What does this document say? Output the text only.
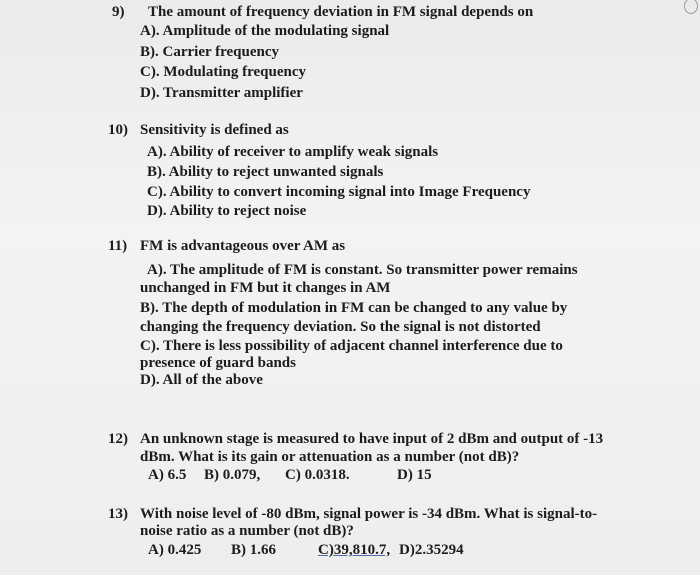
9) The amount of frequency deviation in FM signal depends on
A). Amplitude of the modulating signal
B). Carrier frequency
C). Modulating frequency
D). Transmitter amplifier
10) Sensitivity is defined as
A). Ability of receiver to amplify weak signals
B). Ability to reject unwanted signals
C). Ability to convert incoming signal into Image Frequency
D). Ability to reject noise
11) FM is advantageous over AM as
A). The amplitude of FM is constant. So transmitter power remains
unchanged in FM but it changes in AM
B). The depth of modulation in FM can be changed to any value by
changing the frequency deviation. So the signal is not distorted
C). There is less possibility of adjacent channel interference due to
presence of guard bands
D). All of the above
12) An unknown stage is measured to have input of 2 dBm and output of -13
dBm. What is its gain or attenuation as a number (not dB)?
A) 6.5 B) 0.079, C) 0.0318.	D) 15
13) With noise level of -80 dBm, signal power is -34 dBm. What is signal-to-
noise ratio as a number (not dB)?
A) 0.425 B) 1.66	C)39,810.7, D)2.35294
